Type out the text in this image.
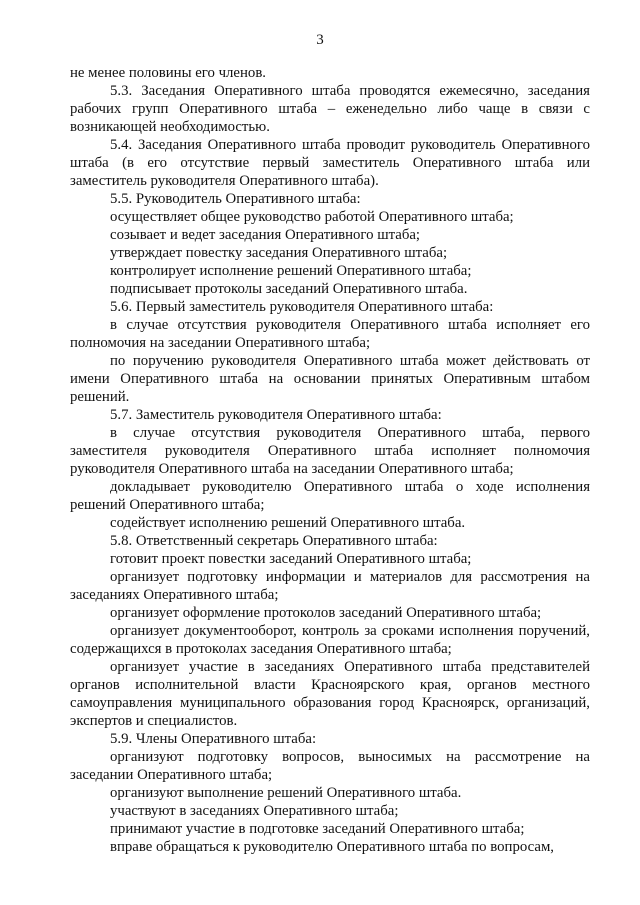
3

не менее половины его членов.

5.3. Заседания Оперативного штаба проводятся ежемесячно, заседания рабочих групп Оперативного штаба – еженедельно либо чаще в связи с возникающей необходимостью.

5.4. Заседания Оперативного штаба проводит руководитель Оперативного штаба (в его отсутствие первый заместитель Оперативного штаба или заместитель руководителя Оперативного штаба).

5.5. Руководитель Оперативного штаба:

осуществляет общее руководство работой Оперативного штаба;

созывает и ведет заседания Оперативного штаба;

утверждает повестку заседания Оперативного штаба;

контролирует исполнение решений Оперативного штаба;

подписывает протоколы заседаний Оперативного штаба.

5.6. Первый заместитель руководителя Оперативного штаба:

в случае отсутствия руководителя Оперативного штаба исполняет его полномочия на заседании Оперативного штаба;

по поручению руководителя Оперативного штаба может действовать от имени Оперативного штаба на основании принятых Оперативным штабом решений.

5.7. Заместитель руководителя Оперативного штаба:

в случае отсутствия руководителя Оперативного штаба, первого заместителя руководителя Оперативного штаба исполняет полномочия руководителя Оперативного штаба на заседании Оперативного штаба;

докладывает руководителю Оперативного штаба о ходе исполнения решений Оперативного штаба;

содействует исполнению решений Оперативного штаба.

5.8. Ответственный секретарь Оперативного штаба:

готовит проект повестки заседаний Оперативного штаба;

организует подготовку информации и материалов для рассмотрения на заседаниях Оперативного штаба;

организует оформление протоколов заседаний Оперативного штаба;

организует документооборот, контроль за сроками исполнения поручений, содержащихся в протоколах заседания Оперативного штаба;

организует участие в заседаниях Оперативного штаба представителей органов исполнительной власти Красноярского края, органов местного самоуправления муниципального образования город Красноярск, организаций, экспертов и специалистов.

5.9. Члены Оперативного штаба:

организуют подготовку вопросов, выносимых на рассмотрение на заседании Оперативного штаба;

организуют выполнение решений Оперативного штаба.

участвуют в заседаниях Оперативного штаба;

принимают участие в подготовке заседаний Оперативного штаба;

вправе обращаться к руководителю Оперативного штаба по вопросам,
